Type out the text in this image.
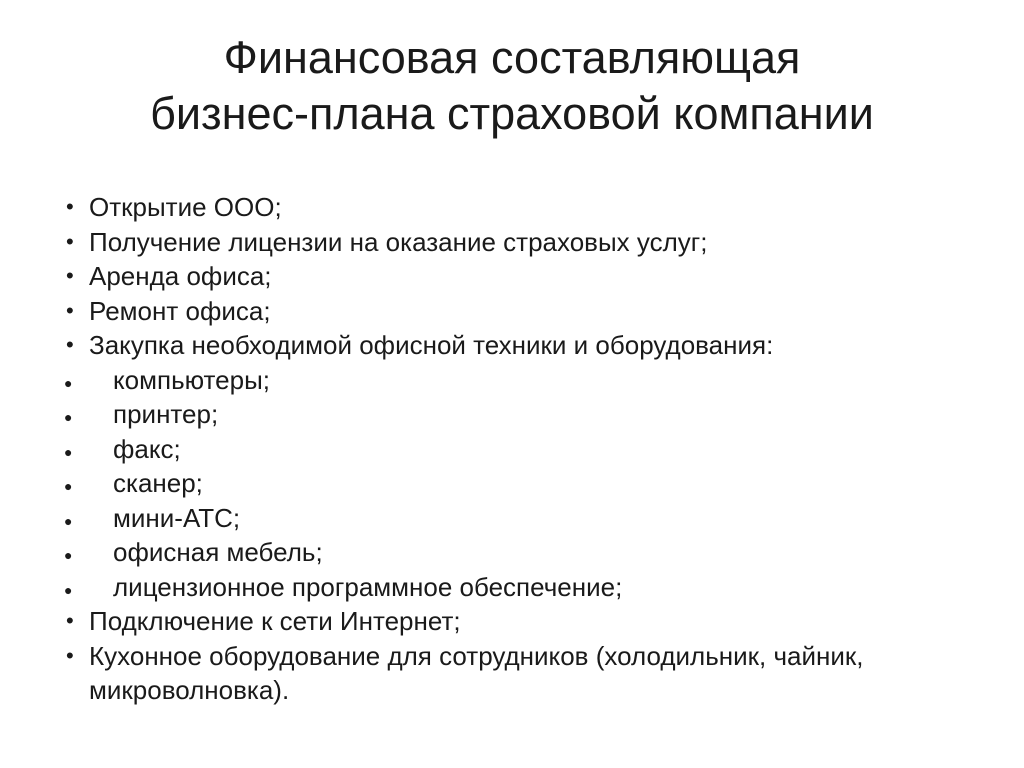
Финансовая составляющая
бизнес-плана страховой компании
• Открытие ООО;
• Получение лицензии на оказание страховых услуг;
• Аренда офиса;
• Ремонт офиса;
• Закупка необходимой офисной техники и оборудования:
● компьютеры;
● принтер;
● факс;
● сканер;
● мини-АТС;
● офисная мебель;
● лицензионное программное обеспечение;
• Подключение к сети Интернет;
• Кухонное оборудование для сотрудников (холодильник, чайник, микроволновка).
